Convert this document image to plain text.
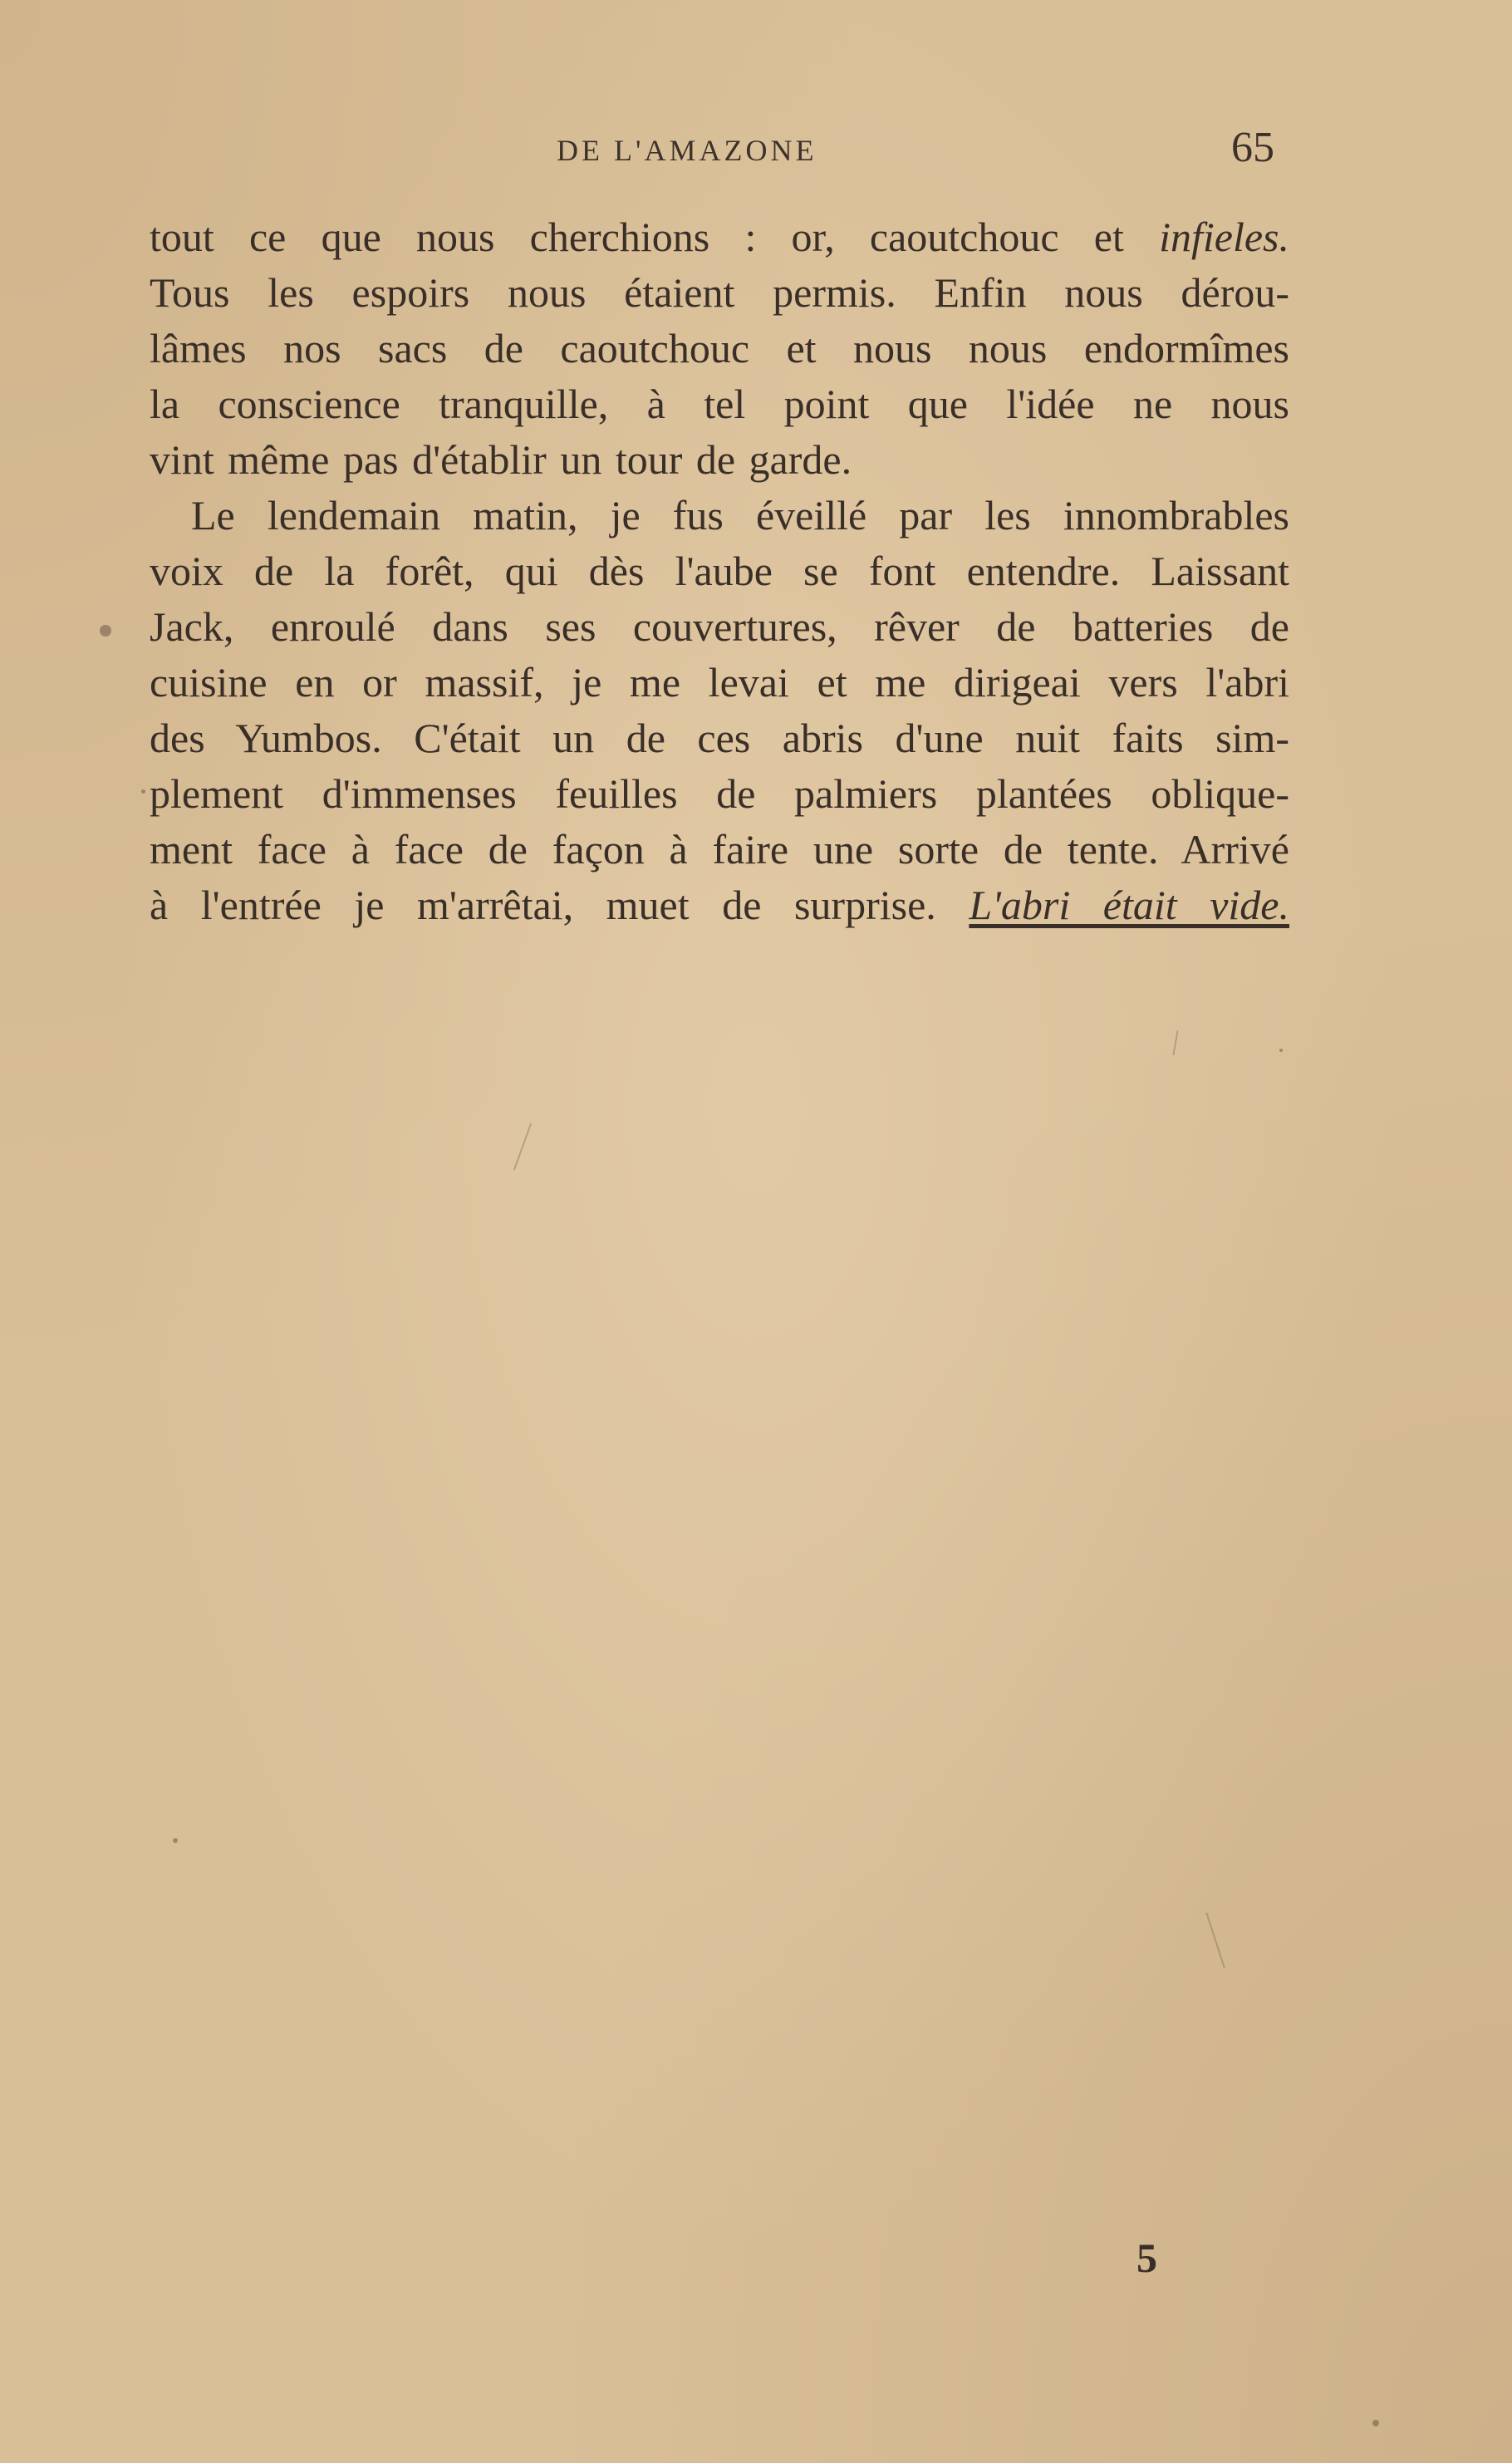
DE L'AMAZONE	65
tout ce que nous cherchions : or, caoutchouc et infieles.
Tous les espoirs nous étaient permis. Enfin nous dérou-
lâmes nos sacs de caoutchouc et nous nous endormîmes
la conscience tranquille, à tel point que l'idée ne nous
vint même pas d'établir un tour de garde.
Le lendemain matin, je fus éveillé par les innombrables
voix de la forêt, qui dès l'aube se font entendre. Laissant
Jack, enroulé dans ses couvertures, rêver de batteries de
cuisine en or massif, je me levai et me dirigeai vers l'abri
des Yumbos. C'était un de ces abris d'une nuit faits sim-
plement d'immenses feuilles de palmiers plantées oblique-
ment face à face de façon à faire une sorte de tente. Arrivé
à l'entrée je m'arrêtai, muet de surprise. L'abri était vide.
5
